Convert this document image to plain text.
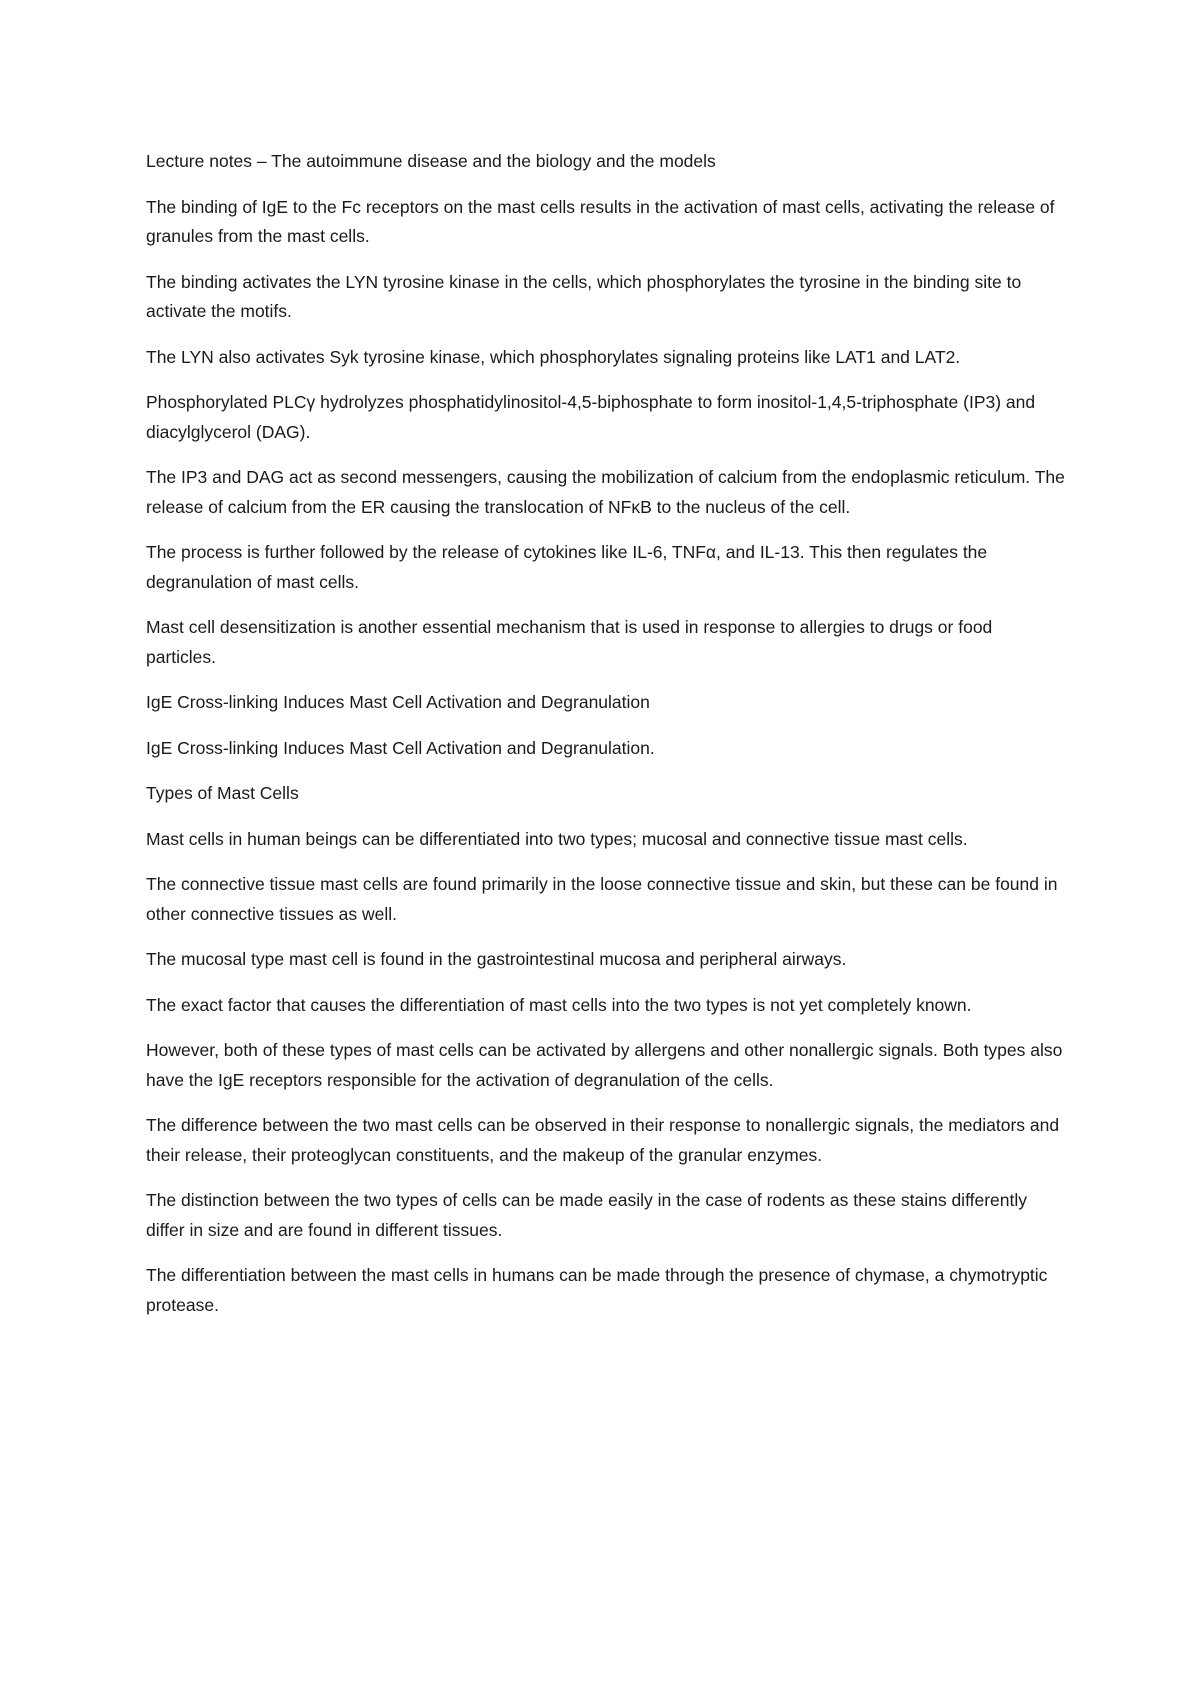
Lecture notes – The autoimmune disease and the biology and the models

The binding of IgE to the Fc receptors on the mast cells results in the activation of mast cells, activating the release of granules from the mast cells.

The binding activates the LYN tyrosine kinase in the cells, which phosphorylates the tyrosine in the binding site to activate the motifs.

The LYN also activates Syk tyrosine kinase, which phosphorylates signaling proteins like LAT1 and LAT2.

Phosphorylated PLCγ hydrolyzes phosphatidylinositol-4,5-biphosphate to form inositol-1,4,5-triphosphate (IP3) and diacylglycerol (DAG).

The IP3 and DAG act as second messengers, causing the mobilization of calcium from the endoplasmic reticulum. The release of calcium from the ER causing the translocation of NFκB to the nucleus of the cell.

The process is further followed by the release of cytokines like IL-6, TNFα, and IL-13. This then regulates the degranulation of mast cells.

Mast cell desensitization is another essential mechanism that is used in response to allergies to drugs or food particles.

IgE Cross-linking Induces Mast Cell Activation and Degranulation

IgE Cross-linking Induces Mast Cell Activation and Degranulation.

Types of Mast Cells

Mast cells in human beings can be differentiated into two types; mucosal and connective tissue mast cells.

The connective tissue mast cells are found primarily in the loose connective tissue and skin, but these can be found in other connective tissues as well.

The mucosal type mast cell is found in the gastrointestinal mucosa and peripheral airways.

The exact factor that causes the differentiation of mast cells into the two types is not yet completely known.

However, both of these types of mast cells can be activated by allergens and other nonallergic signals. Both types also have the IgE receptors responsible for the activation of degranulation of the cells.

The difference between the two mast cells can be observed in their response to nonallergic signals, the mediators and their release, their proteoglycan constituents, and the makeup of the granular enzymes.

The distinction between the two types of cells can be made easily in the case of rodents as these stains differently differ in size and are found in different tissues.

The differentiation between the mast cells in humans can be made through the presence of chymase, a chymotryptic protease.
